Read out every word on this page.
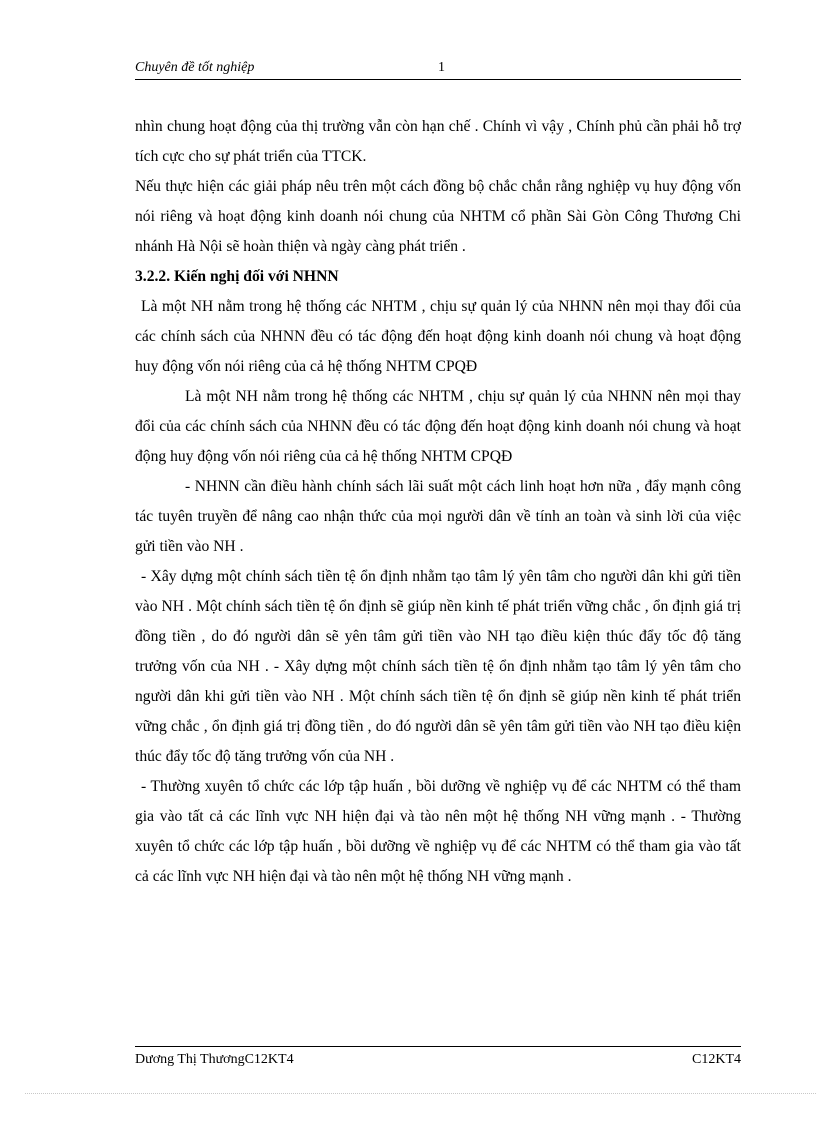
Chuyên đề tốt nghiệp	1

nhìn chung hoạt động của thị trường vẫn còn hạn chế . Chính vì vậy , Chính phủ cần phải hỗ trợ tích cực cho sự phát triển của TTCK.

Nếu thực hiện các giải pháp nêu trên một cách đồng bộ chắc chắn rằng nghiệp vụ huy động vốn nói riêng và hoạt động kinh doanh nói chung của NHTM cổ phần Sài Gòn Công Thương Chi nhánh Hà Nội sẽ hoàn thiện và ngày càng phát triển .

3.2.2. Kiến nghị đối với NHNN

Là một NH nằm trong hệ thống các NHTM , chịu sự quản lý của NHNN nên mọi thay đổi của các chính sách của NHNN đều có tác động đến hoạt động kinh doanh nói chung và hoạt động huy động vốn nói riêng của cả hệ thống NHTM CPQĐ

Là một NH nằm trong hệ thống các NHTM , chịu sự quản lý của NHNN nên mọi thay đổi của các chính sách của NHNN đều có tác động đến hoạt động kinh doanh nói chung và hoạt động huy động vốn nói riêng của cả hệ thống NHTM CPQĐ

- NHNN cần điều hành chính sách lãi suất một cách linh hoạt hơn nữa , đẩy mạnh công tác tuyên truyền để nâng cao nhận thức của mọi người dân về tính an toàn và sinh lời của việc gửi tiền vào NH .

- Xây dựng một chính sách tiền tệ ổn định nhằm tạo tâm lý yên tâm cho người dân khi gửi tiền vào NH . Một chính sách tiền tệ ổn định sẽ giúp nền kinh tế phát triển vững chắc , ổn định giá trị đồng tiền , do đó người dân sẽ yên tâm gửi tiền vào NH tạo điều kiện thúc đẩy tốc độ tăng trưởng vốn của NH . - Xây dựng một chính sách tiền tệ ổn định nhằm tạo tâm lý yên tâm cho người dân khi gửi tiền vào NH . Một chính sách tiền tệ ổn định sẽ giúp nền kinh tế phát triển vững chắc , ổn định giá trị đồng tiền , do đó người dân sẽ yên tâm gửi tiền vào NH tạo điều kiện thúc đẩy tốc độ tăng trưởng vốn của NH .

- Thường xuyên tổ chức các lớp tập huấn , bồi dưỡng về nghiệp vụ để các NHTM có thể tham gia vào tất cả các lĩnh vực NH hiện đại và tào nên một hệ thống NH vững mạnh . - Thường xuyên tổ chức các lớp tập huấn , bồi dưỡng về nghiệp vụ để các NHTM có thể tham gia vào tất cả các lĩnh vực NH hiện đại và tào nên một hệ thống NH vững mạnh .

Dương Thị ThươngC12KT4	C12KT4
